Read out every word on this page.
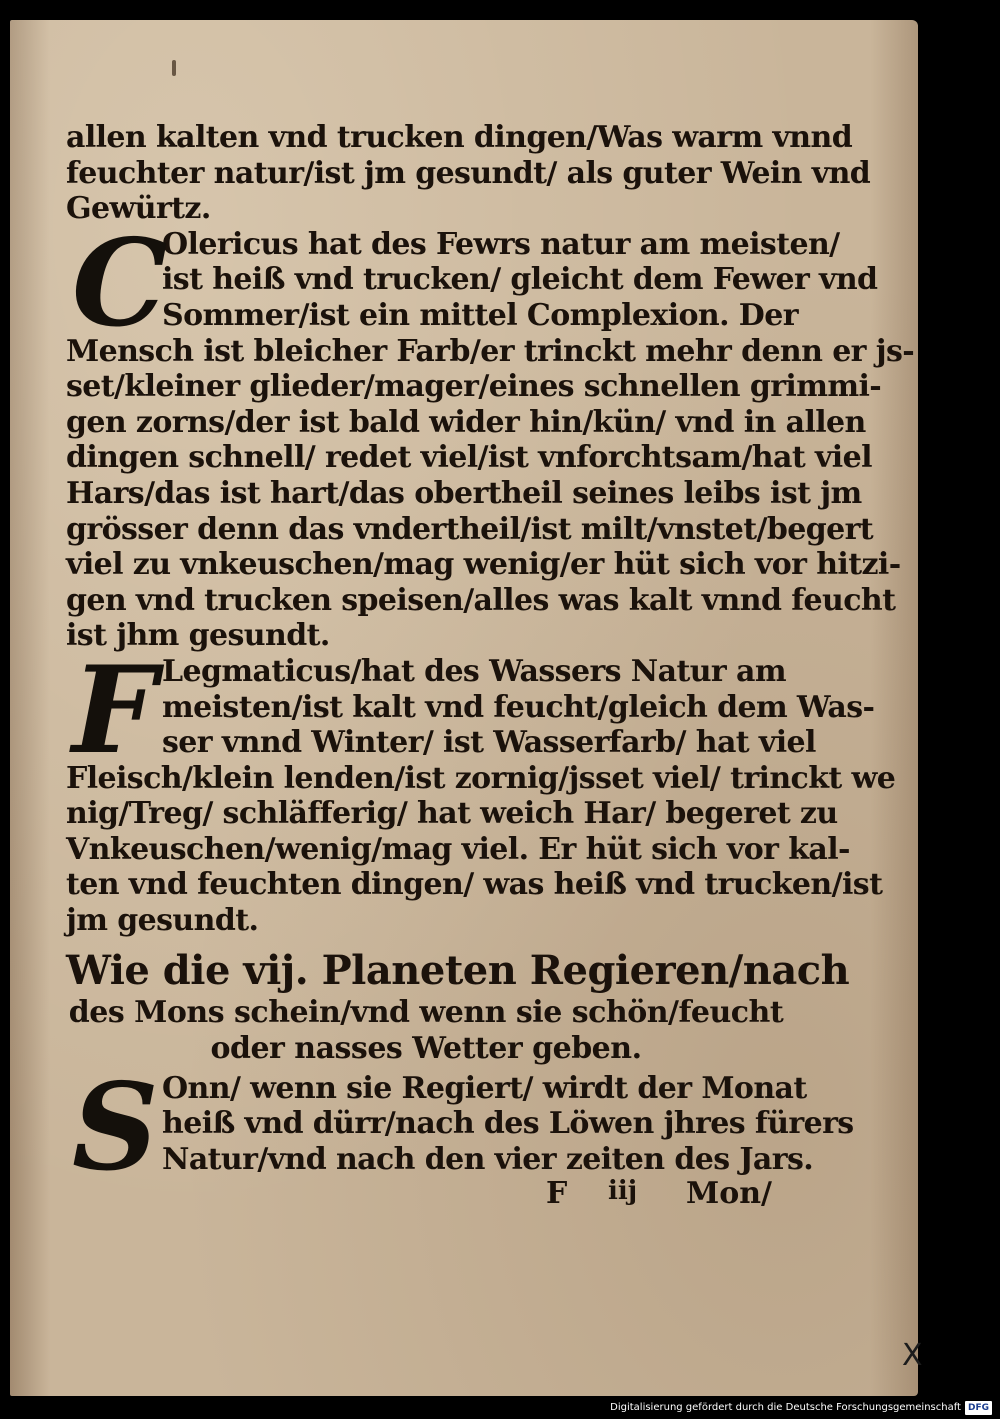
allen kalten vnd trucken dingen/Was warm vnnd
feuchter natur/ist jm gesundt/ als guter Wein vnd
Gewürtz.
C
Olericus hat des Fewrs natur am meisten/
ist heiß vnd trucken/ gleicht dem Fewer vnd
Sommer/ist ein mittel Complexion. Der
Mensch ist bleicher Farb/er trinckt mehr denn er js-
set/kleiner glieder/mager/eines schnellen grimmi-
gen zorns/der ist bald wider hin/kün/ vnd in allen
dingen schnell/ redet viel/ist vnforchtsam/hat viel
Hars/das ist hart/das obertheil seines leibs ist jm
grösser denn das vndertheil/ist milt/vnstet/begert
viel zu vnkeuschen/mag wenig/er hüt sich vor hitzi-
gen vnd trucken speisen/alles was kalt vnnd feucht
ist jhm gesundt.
F Legmaticus/hat des Wassers Natur am
meisten/ist kalt vnd feucht/gleich dem Was-
ser vnnd Winter/ ist Wasserfarb/ hat viel
Fleisch/klein lenden/ist zornig/jsset viel/ trinckt we
nig/Treg/ schläfferig/ hat weich Har/ begeret zu
Vnkeuschen/wenig/mag viel. Er hüt sich vor kal-
ten vnd feuchten dingen/ was heiß vnd trucken/ist
jm gesundt.
Wie die vij. Planeten Regieren/nach
des Mons schein/vnd wenn sie schön/feucht
oder nasses Wetter geben.
S Onn/ wenn sie Regiert/ wirdt der Monat
heiß vnd dürr/nach des Löwen jhres fürers
Natur/vnd nach den vier zeiten des Jars.
F iij Mon/
X
Digitalisierung gefördert durch die Deutsche Forschungsgemeinschaft DFG
